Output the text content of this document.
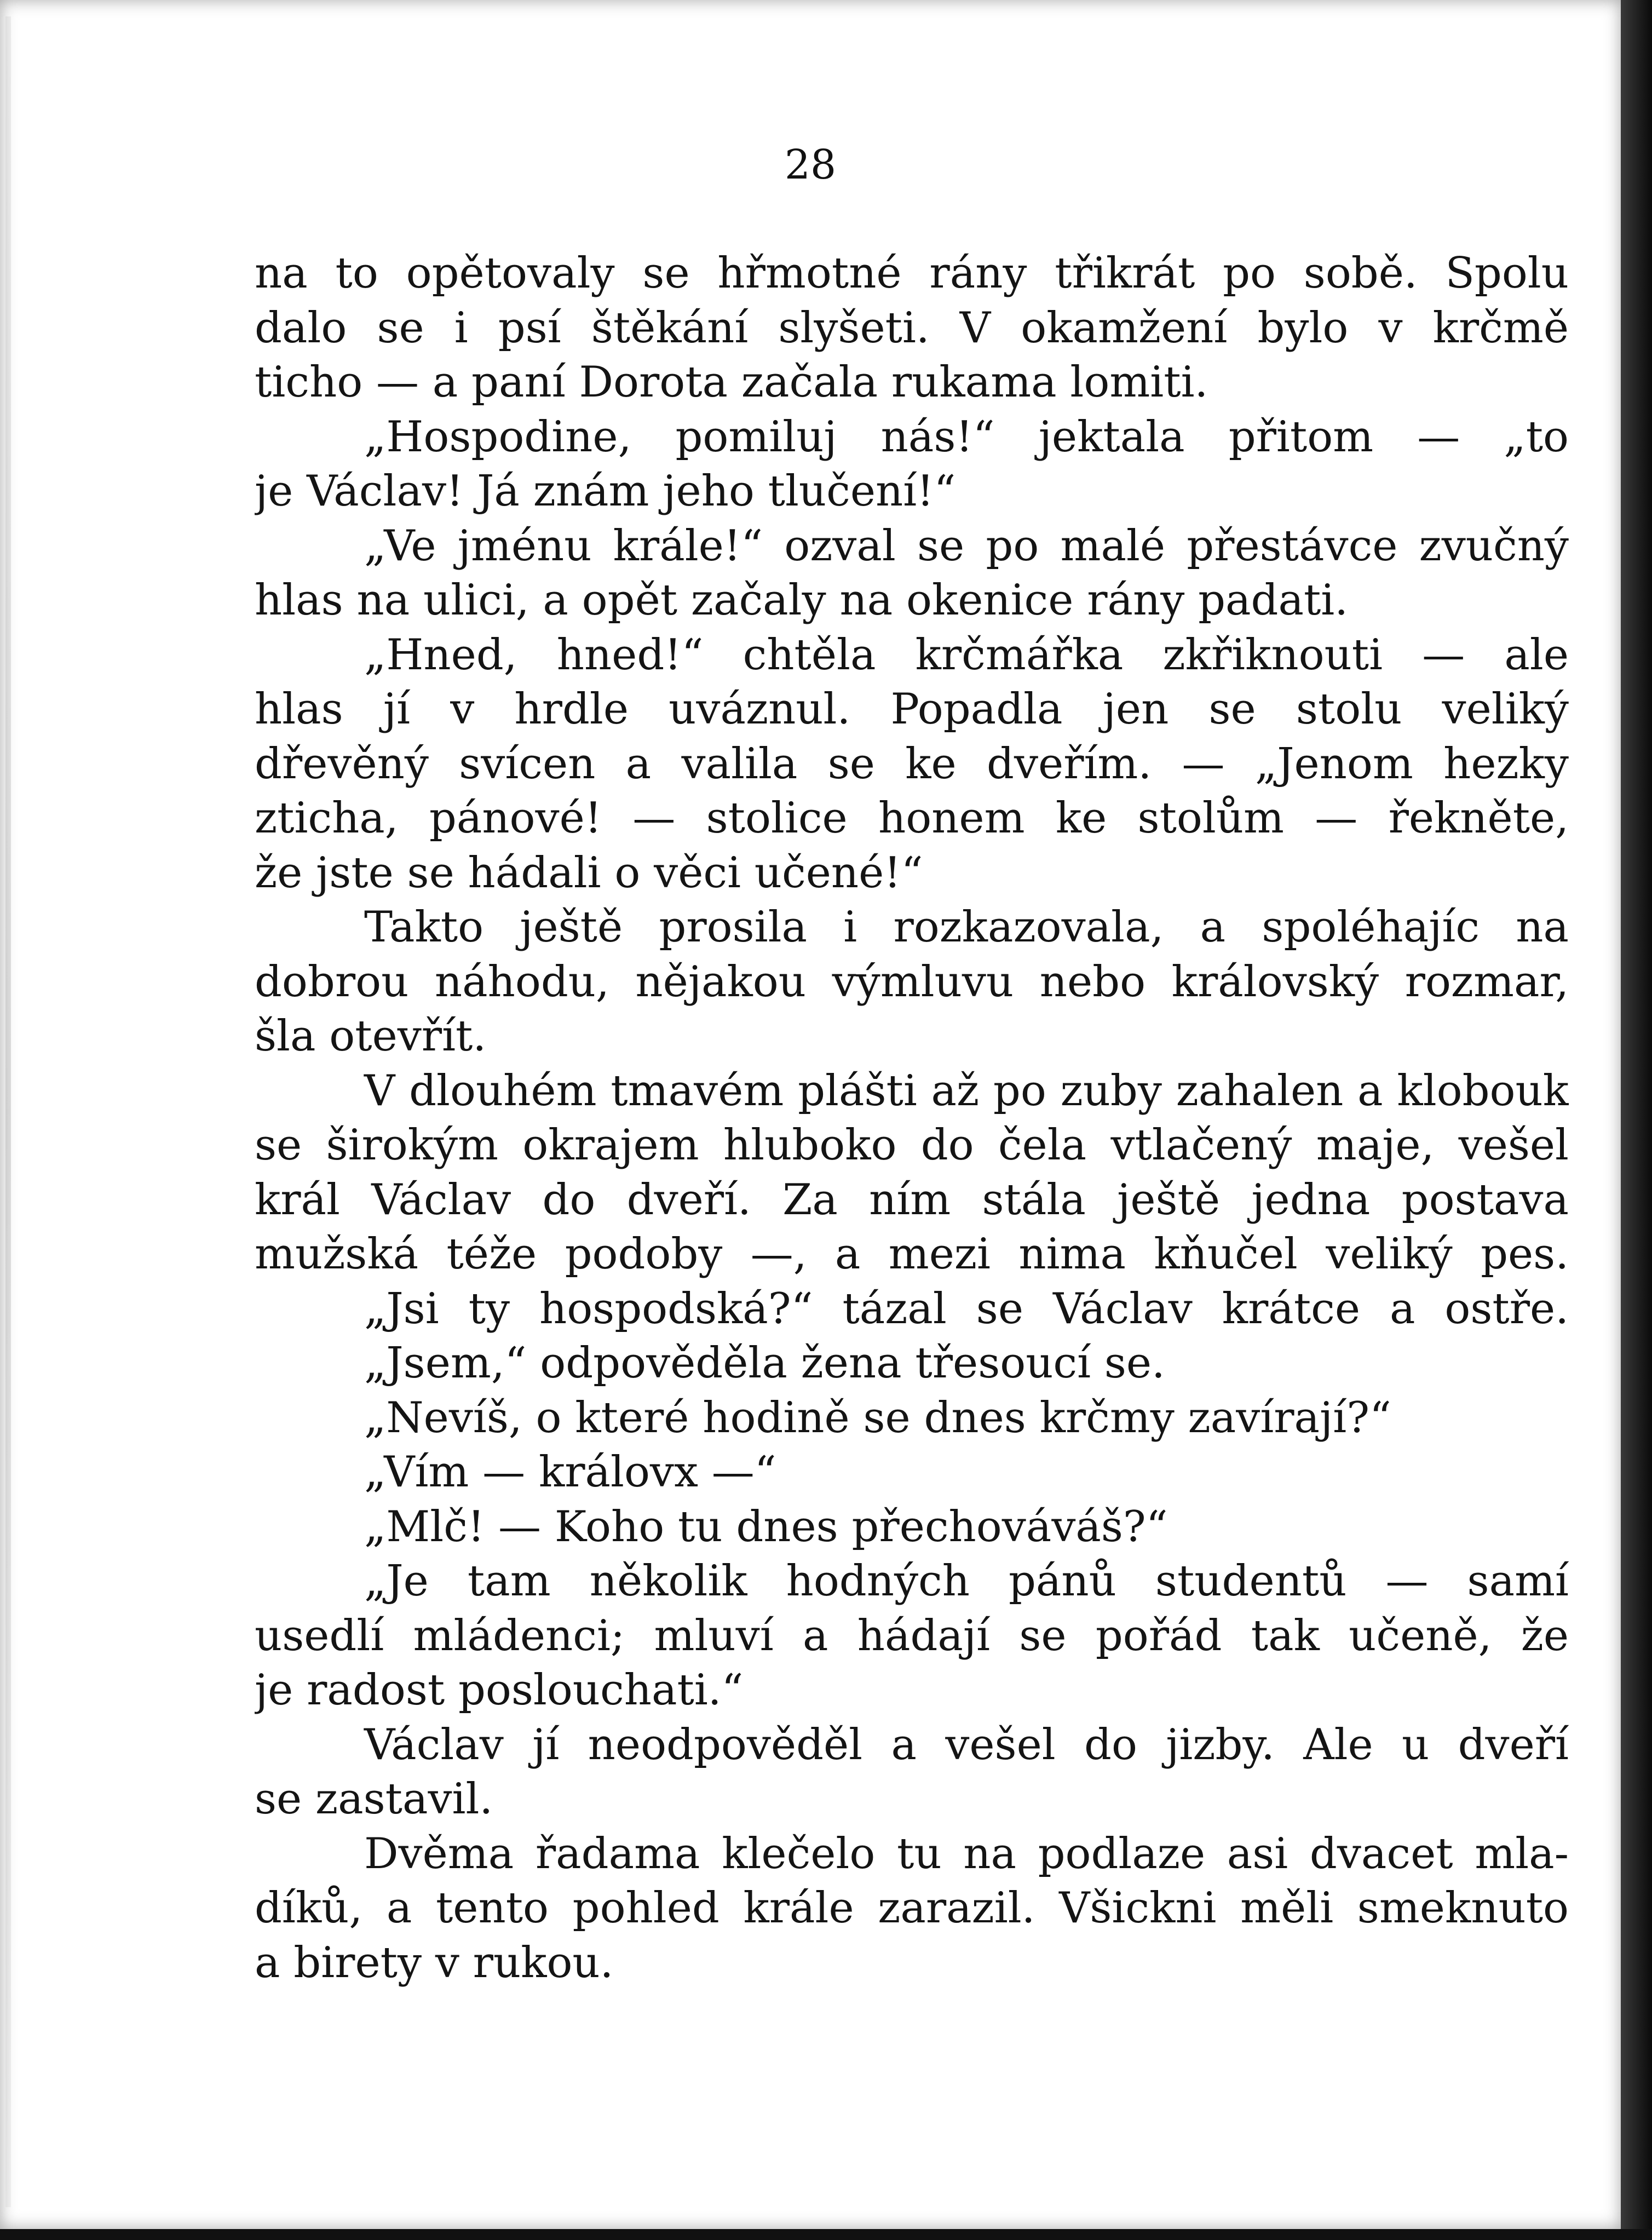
28
na to opětovaly se hřmotné rány třikrát po sobě. Spolu
dalo se i psí štěkání slyšeti. V okamžení bylo v krčmě
ticho — a paní Dorota začala rukama lomiti.
„Hospodine, pomiluj nás!“ jektala přitom — „to
je Václav! Já znám jeho tlučení!“
„Ve jménu krále!“ ozval se po malé přestávce zvučný
hlas na ulici, a opět začaly na okenice rány padati.
„Hned, hned!“ chtěla krčmářka zkřiknouti — ale
hlas jí v hrdle uváznul. Popadla jen se stolu veliký
dřevěný svícen a valila se ke dveřím. — „Jenom hezky
zticha, pánové! — stolice honem ke stolům — řekněte,
že jste se hádali o věci učené!“
Takto ještě prosila i rozkazovala, a spoléhajíc na
dobrou náhodu, nějakou výmluvu nebo královský rozmar,
šla otevřít.
V dlouhém tmavém plášti až po zuby zahalen a klobouk
se širokým okrajem hluboko do čela vtlačený maje, vešel
král Václav do dveří. Za ním stála ještě jedna postava
mužská téže podoby —, a mezi nima kňučel veliký pes.
„Jsi ty hospodská?“ tázal se Václav krátce a ostře.
„Jsem,“ odpověděla žena třesoucí se.
„Nevíš, o které hodině se dnes krčmy zavírají?“
„Vím — královx —“
„Mlč! — Koho tu dnes přechováváš?“
„Je tam několik hodných pánů studentů — samí
usedlí mládenci; mluví a hádají se pořád tak učeně, že
je radost poslouchati.“
Václav jí neodpověděl a vešel do jizby. Ale u dveří
se zastavil.
Dvěma řadama klečelo tu na podlaze asi dvacet mla-
díků, a tento pohled krále zarazil. Všickni měli smeknuto
a birety v rukou.
